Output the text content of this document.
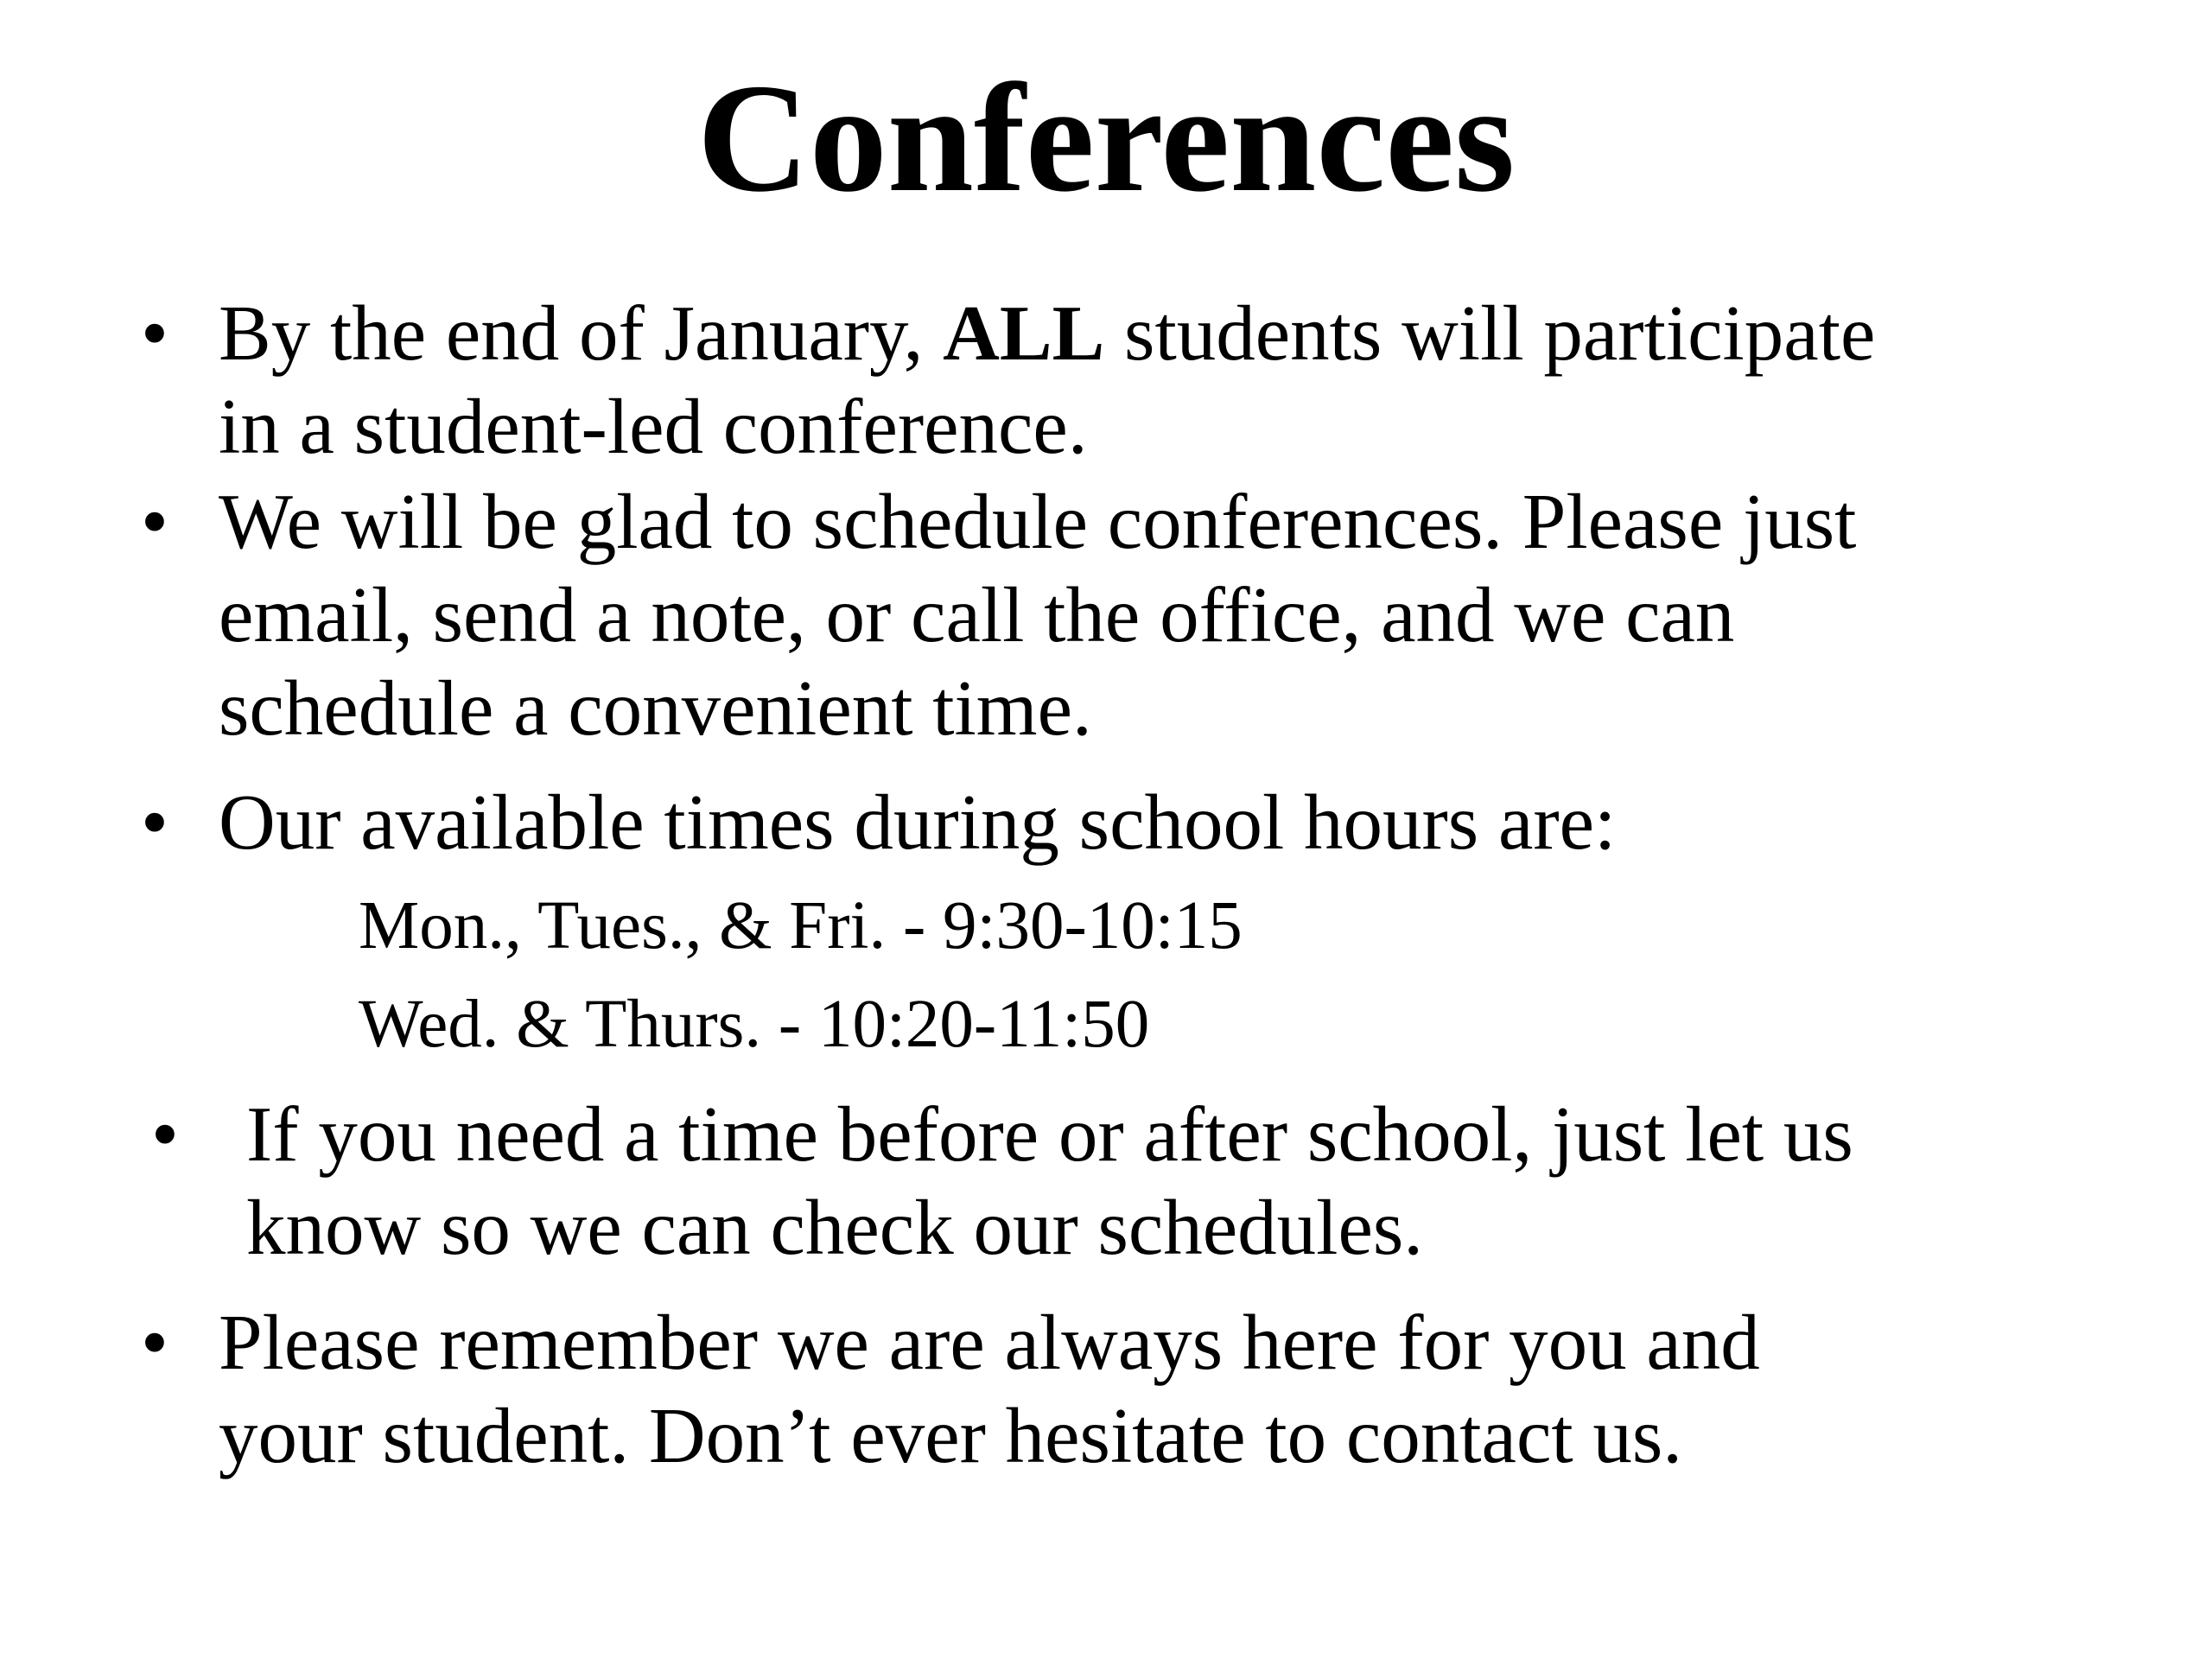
Conferences
• By the end of January, ALL students will participate
in a student-led conference.
• We will be glad to schedule conferences. Please just
email, send a note, or call the office, and we can
schedule a convenient time.
• Our available times during school hours are:
Mon., Tues., & Fri. - 9:30-10:15
Wed. & Thurs. - 10:20-11:50
• If you need a time before or after school, just let us
know so we can check our schedules.
• Please remember we are always here for you and
your student. Don’t ever hesitate to contact us.
